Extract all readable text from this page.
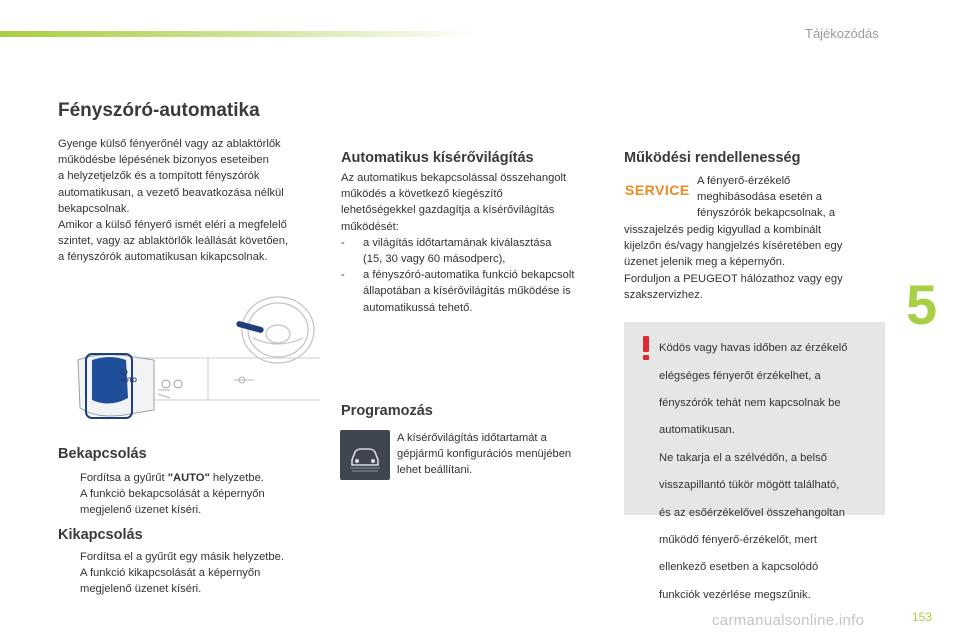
Tájékozódás
5
Fényszóró-automatika

Gyenge külső fényerőnél vagy az ablaktörlők

működésbe lépésének bizonyos eseteiben

a helyzetjelzők és a tompított fényszórók

automatikusan, a vezető beavatkozása nélkül

bekapcsolnak.

Amikor a külső fényerő ismét eléri a megfelelő

szintet, vagy az ablaktörlők leállását követően,

a fényszórók automatikusan kikapcsolnak.

AUTO
Bekapcsolás
Fordítsa a gyűrűt "AUTO" helyzetbe.

A funkció bekapcsolását a képernyőn

megjelenő üzenet kíséri.

Kikapcsolás
Fordítsa el a gyűrűt egy másik helyzetbe.

A funkció kikapcsolását a képernyőn

megjelenő üzenet kíséri.

Automatikus kísérővilágítás

Az automatikus bekapcsolással összehangolt

működés a következő kiegészítő

lehetőségekkel gazdagítja a kísérővilágítás

működését:

-	a világítás időtartamának kiválasztása

(15, 30 vagy 60 másodperc),

-	a fényszóró-automatika funkció bekapcsolt

állapotában a kísérővilágítás működése is

automatikussá tehető.

Programozás

A kísérővilágítás időtartamát a

gépjármű konfigurációs menüjében

lehet beállítani.

Működési rendellenesség
SERVICE

A fényerő-érzékelő

meghibásodása esetén a

fényszórók bekapcsolnak, a

visszajelzés pedig kigyullad a kombinált

kijelzőn és/vagy hangjelzés kíséretében egy

üzenet jelenik meg a képernyőn.

Forduljon a PEUGEOT hálózathoz vagy egy

szakszervizhez.

Ködös vagy havas időben az érzékelő

elégséges fényerőt érzékelhet, a

fényszórók tehát nem kapcsolnak be

automatikusan.

Ne takarja el a szélvédőn, a belső

visszapillantó tükör mögött található,

és az esőérzékelővel összehangoltan

működő fényerő-érzékelőt, mert

ellenkező esetben a kapcsolódó

funkciók vezérlése megszűnik.

carmanualsonline.info	153
